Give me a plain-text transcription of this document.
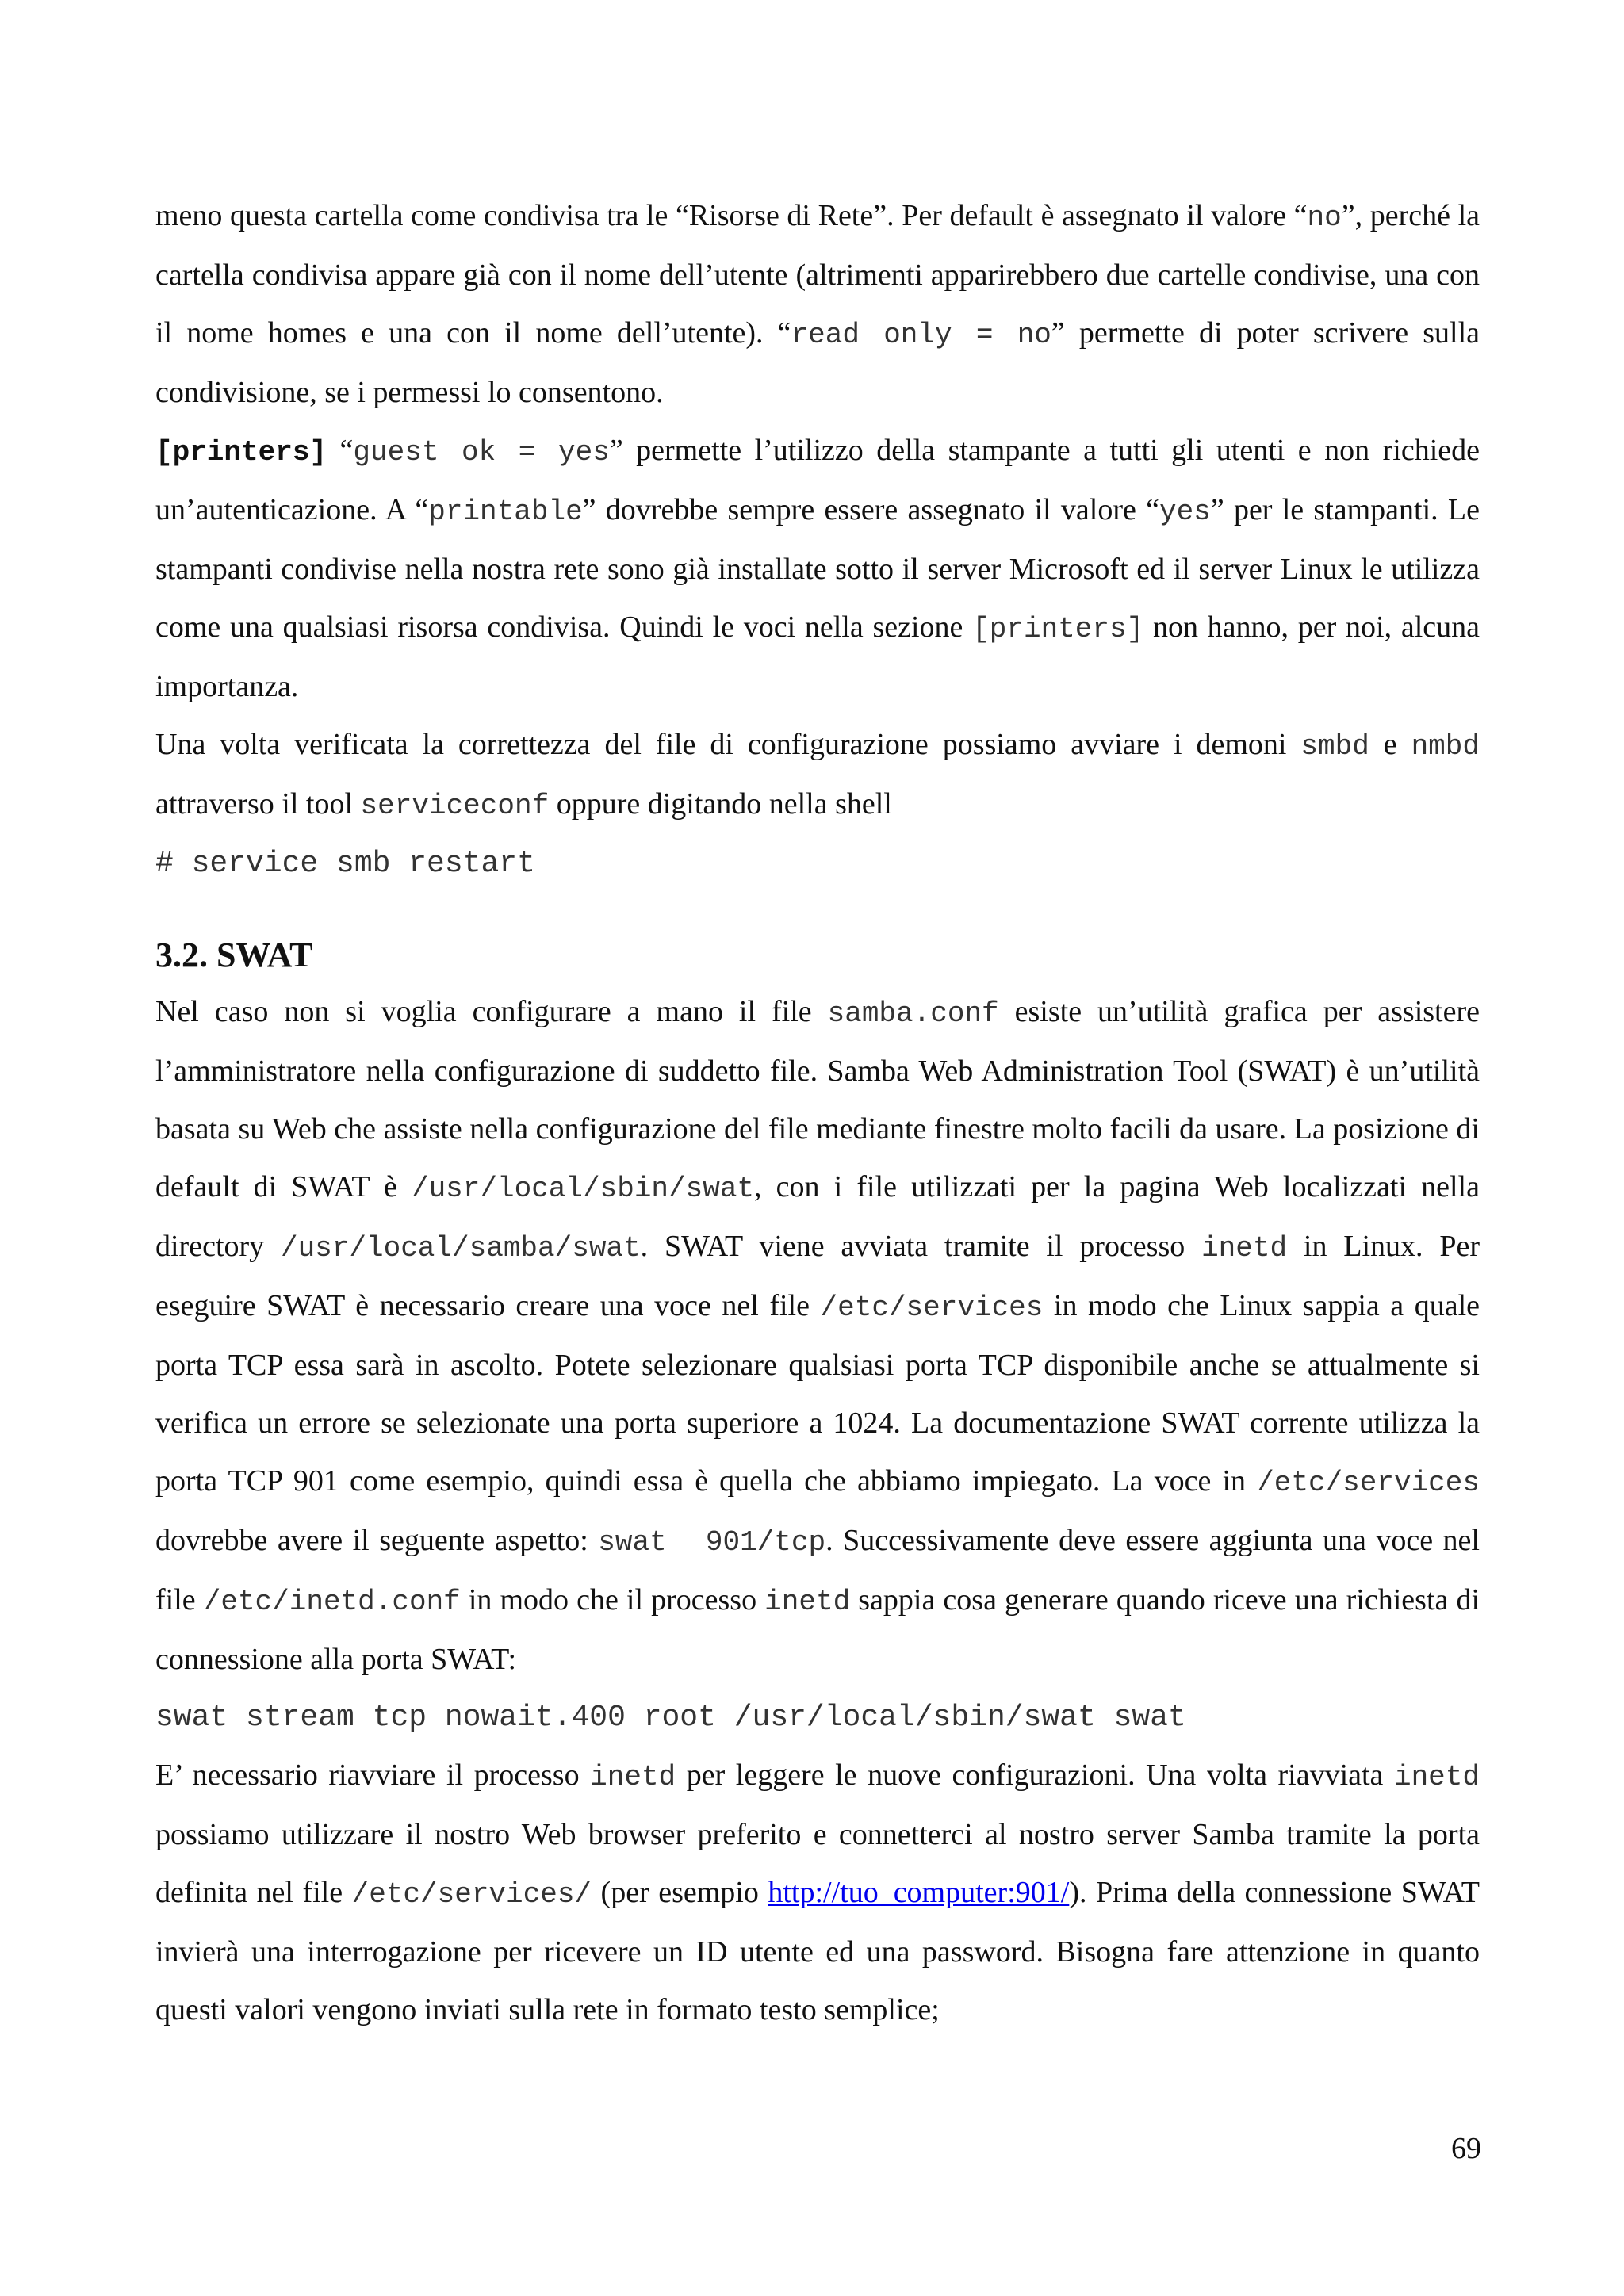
meno questa cartella come condivisa tra le “Risorse di Rete”. Per default è assegnato il valore “no”, perché la cartella condivisa appare già con il nome dell’utente (altrimenti apparirebbero due cartelle condivise, una con il nome homes e una con il nome dell’utente). “read only = no” permette di poter scrivere sulla condivisione, se i permessi lo consentono.

[printers] “guest ok = yes” permette l’utilizzo della stampante a tutti gli utenti e non richiede un’autenticazione. A “printable” dovrebbe sempre essere assegnato il valore “yes” per le stampanti. Le stampanti condivise nella nostra rete sono già installate sotto il server Microsoft ed il server Linux le utilizza come una qualsiasi risorsa condivisa. Quindi le voci nella sezione [printers] non hanno, per noi, alcuna importanza.

Una volta verificata la correttezza del file di configurazione possiamo avviare i demoni smbd e nmbd attraverso il tool serviceconf oppure digitando nella shell

# service smb restart

3.2. SWAT

Nel caso non si voglia configurare a mano il file samba.conf esiste un’utilità grafica per assistere l’amministratore nella configurazione di suddetto file. Samba Web Administration Tool (SWAT) è un’utilità basata su Web che assiste nella configurazione del file mediante finestre molto facili da usare. La posizione di default di SWAT è /usr/local/sbin/swat, con i file utilizzati per la pagina Web localizzati nella directory /usr/local/samba/swat. SWAT viene avviata tramite il processo inetd in Linux. Per eseguire SWAT è necessario creare una voce nel file /etc/services in modo che Linux sappia a quale porta TCP essa sarà in ascolto. Potete selezionare qualsiasi porta TCP disponibile anche se attualmente si verifica un errore se selezionate una porta superiore a 1024. La documentazione SWAT corrente utilizza la porta TCP 901 come esempio, quindi essa è quella che abbiamo impiegato. La voce in /etc/services dovrebbe avere il seguente aspetto: swat  901/tcp. Successivamente deve essere aggiunta una voce nel file /etc/inetd.conf in modo che il processo inetd sappia cosa generare quando riceve una richiesta di connessione alla porta SWAT:

swat stream tcp nowait.400 root /usr/local/sbin/swat swat

E’ necessario riavviare il processo inetd per leggere le nuove configurazioni. Una volta riavviata inetd possiamo utilizzare il nostro Web browser preferito e connetterci al nostro server Samba tramite la porta definita nel file /etc/services/ (per esempio http://tuo_computer:901/). Prima della connessione SWAT invierà una interrogazione per ricevere un ID utente ed una password. Bisogna fare attenzione in quanto questi valori vengono inviati sulla rete in formato testo semplice;

69
